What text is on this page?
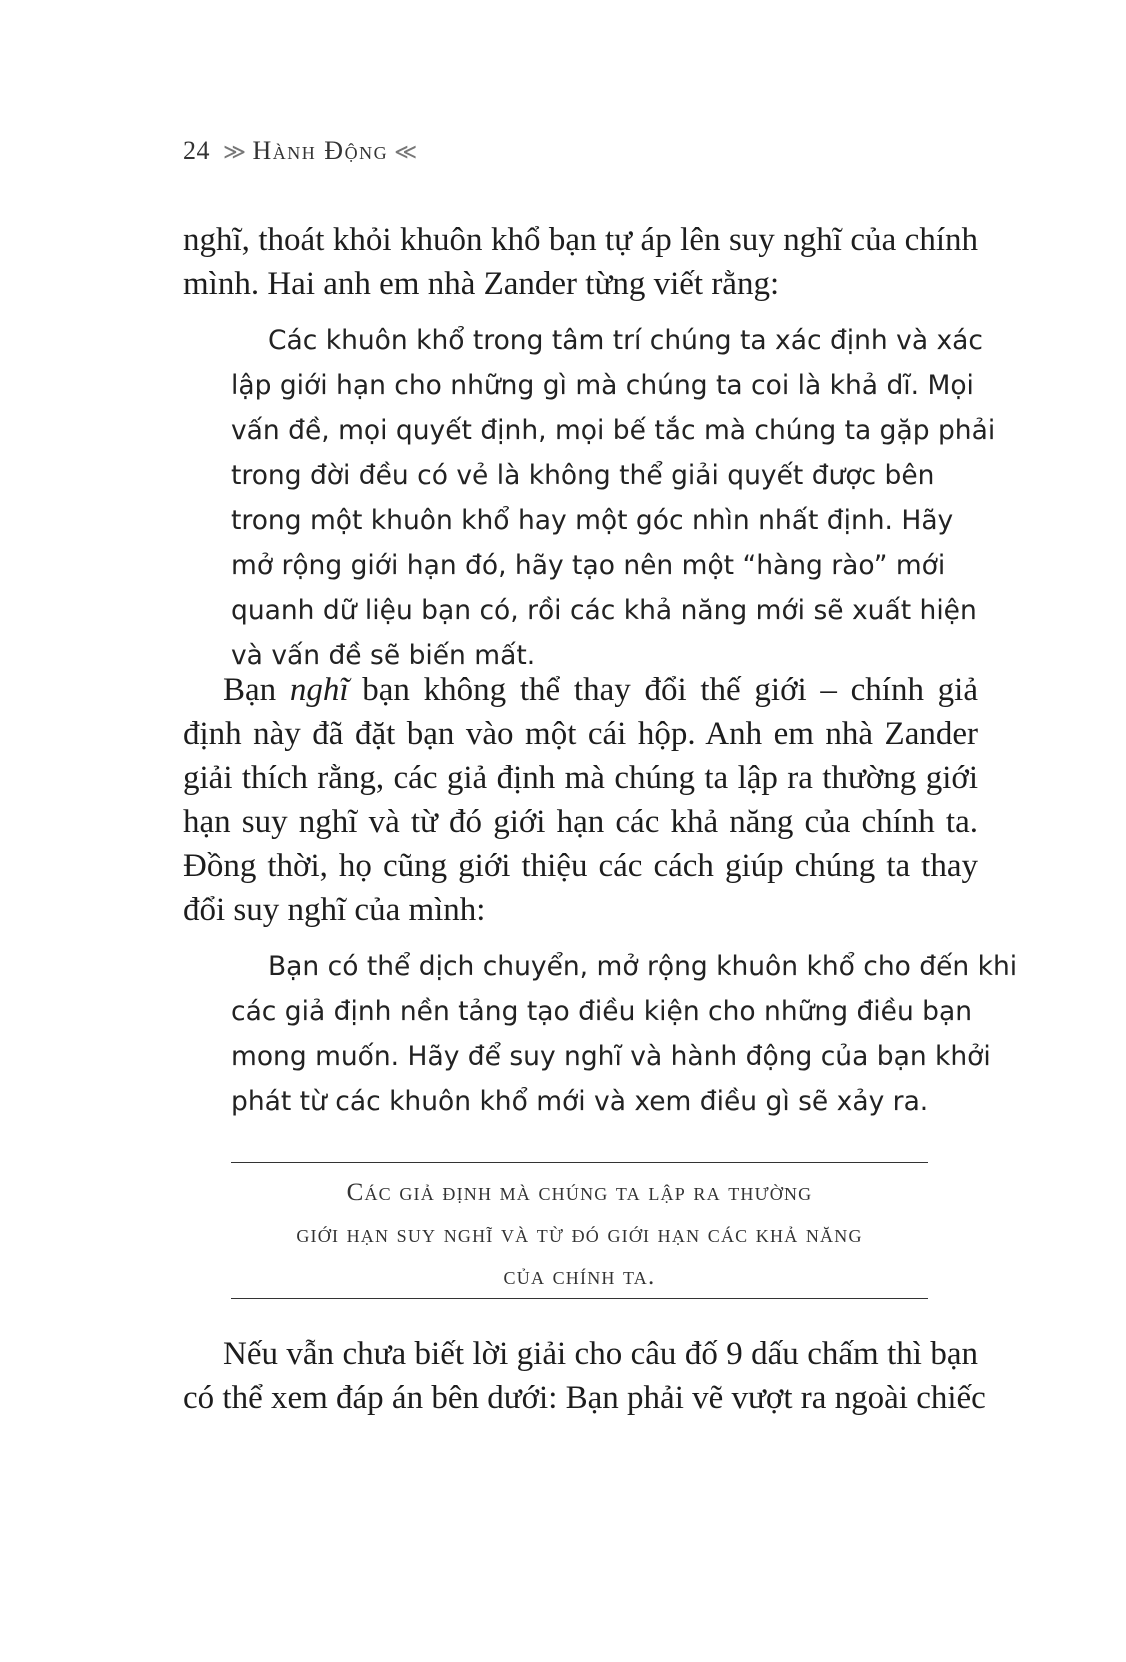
24 ≫ Hành Động ≪
nghĩ, thoát khỏi khuôn khổ bạn tự áp lên suy nghĩ của chính
mình. Hai anh em nhà Zander từng viết rằng:
Các khuôn khổ trong tâm trí chúng ta xác định và xác
lập giới hạn cho những gì mà chúng ta coi là khả dĩ. Mọi
vấn đề, mọi quyết định, mọi bế tắc mà chúng ta gặp phải
trong đời đều có vẻ là không thể giải quyết được bên
trong một khuôn khổ hay một góc nhìn nhất định. Hãy
mở rộng giới hạn đó, hãy tạo nên một “hàng rào” mới
quanh dữ liệu bạn có, rồi các khả năng mới sẽ xuất hiện
và vấn đề sẽ biến mất.
Bạn nghĩ bạn không thể thay đổi thế giới – chính giả
định này đã đặt bạn vào một cái hộp. Anh em nhà Zander
giải thích rằng, các giả định mà chúng ta lập ra thường giới
hạn suy nghĩ và từ đó giới hạn các khả năng của chính ta.
Đồng thời, họ cũng giới thiệu các cách giúp chúng ta thay
đổi suy nghĩ của mình:
Bạn có thể dịch chuyển, mở rộng khuôn khổ cho đến khi
các giả định nền tảng tạo điều kiện cho những điều bạn
mong muốn. Hãy để suy nghĩ và hành động của bạn khởi
phát từ các khuôn khổ mới và xem điều gì sẽ xảy ra.
Các giả định mà chúng ta lập ra thường
giới hạn suy nghĩ và từ đó giới hạn các khả năng
của chính ta.
Nếu vẫn chưa biết lời giải cho câu đố 9 dấu chấm thì bạn
có thể xem đáp án bên dưới: Bạn phải vẽ vượt ra ngoài chiếc
